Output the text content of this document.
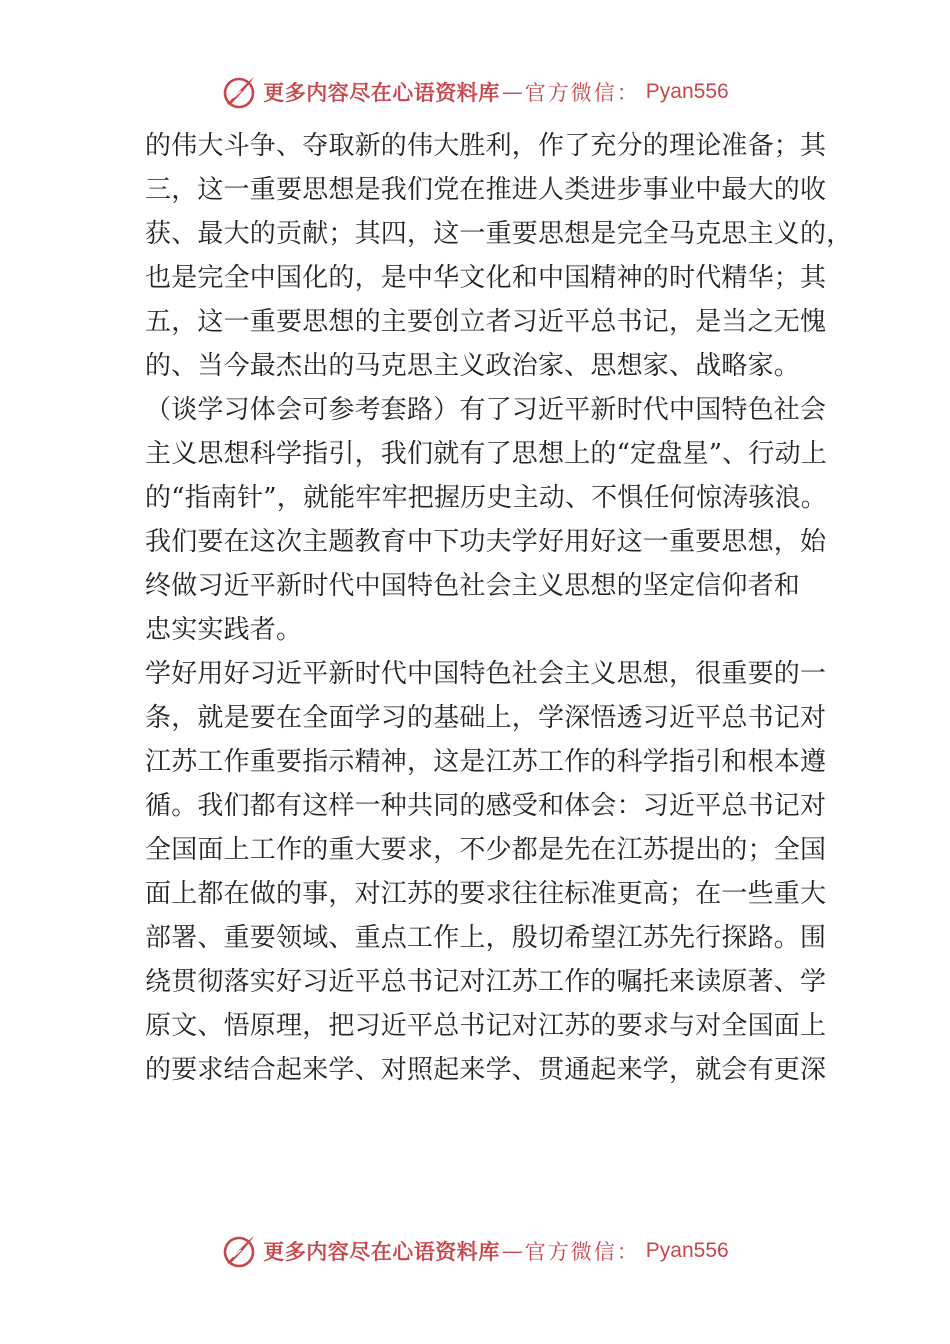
更多内容尽在心语资料库 — 官方微信： Pyan556
的伟大斗争、夺取新的伟大胜利，作了充分的理论准备；其
三，这一重要思想是我们党在推进人类进步事业中最大的收
获、最大的贡献；其四，这一重要思想是完全马克思主义的，
也是完全中国化的，是中华文化和中国精神的时代精华；其
五，这一重要思想的主要创立者习近平总书记，是当之无愧
的、当今最杰出的马克思主义政治家、思想家、战略家。
（谈学习体会可参考套路）有了习近平新时代中国特色社会
主义思想科学指引，我们就有了思想上的“定盘星”、行动上
的“指南针”，就能牢牢把握历史主动、不惧任何惊涛骇浪。
我们要在这次主题教育中下功夫学好用好这一重要思想，始
终做习近平新时代中国特色社会主义思想的坚定信仰者和
忠实实践者。
学好用好习近平新时代中国特色社会主义思想，很重要的一
条，就是要在全面学习的基础上，学深悟透习近平总书记对
江苏工作重要指示精神，这是江苏工作的科学指引和根本遵
循。我们都有这样一种共同的感受和体会：习近平总书记对
全国面上工作的重大要求，不少都是先在江苏提出的；全国
面上都在做的事，对江苏的要求往往标准更高；在一些重大
部署、重要领域、重点工作上，殷切希望江苏先行探路。围
绕贯彻落实好习近平总书记对江苏工作的嘱托来读原著、学
原文、悟原理，把习近平总书记对江苏的要求与对全国面上
的要求结合起来学、对照起来学、贯通起来学，就会有更深
更多内容尽在心语资料库 — 官方微信： Pyan556
